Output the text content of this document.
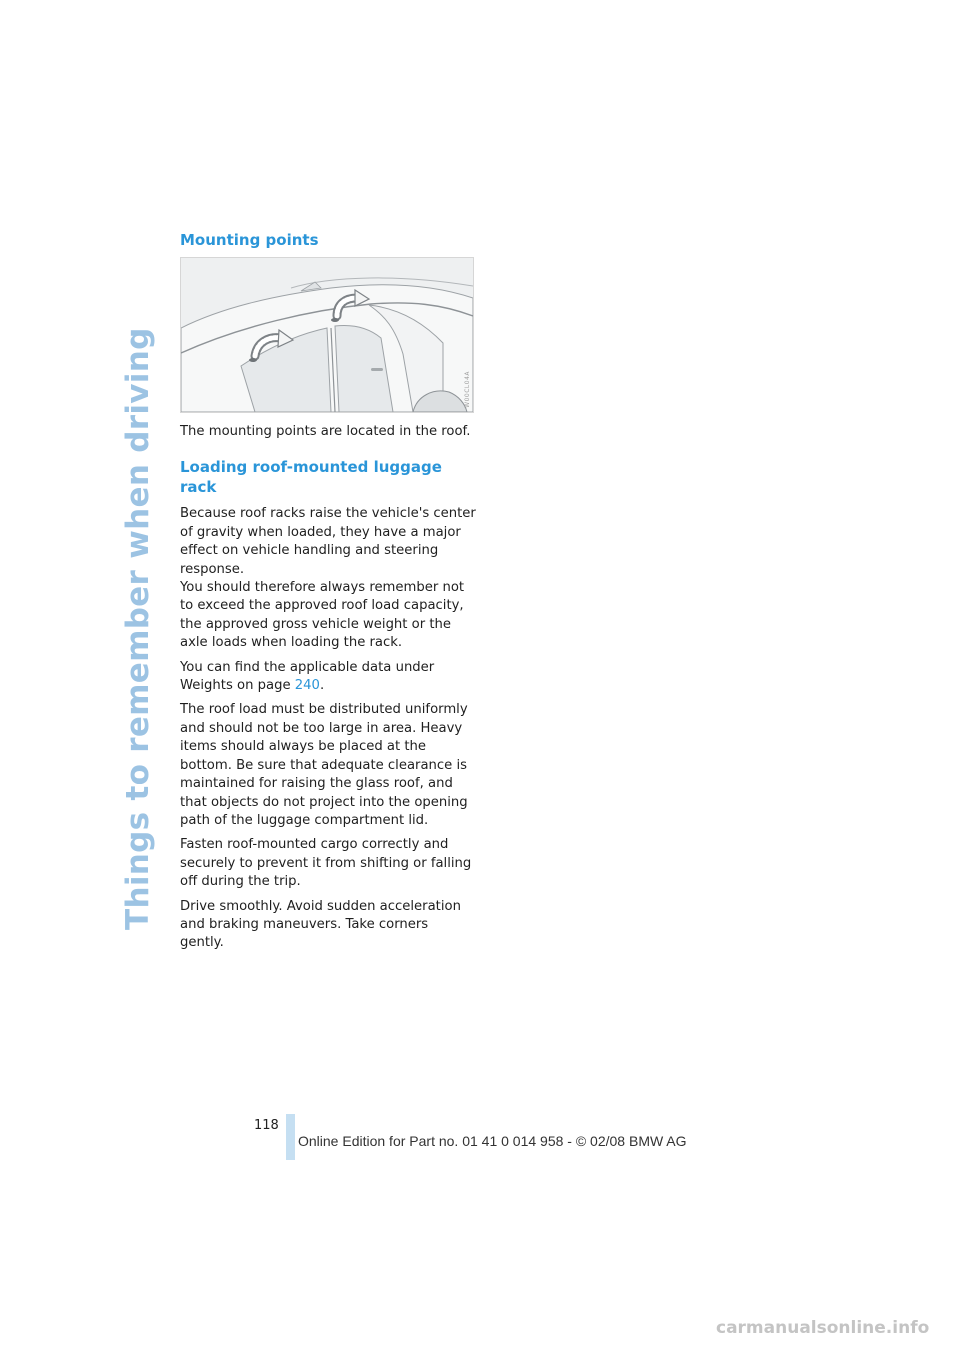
Things to remember when driving
Mounting points
W00CL04A

The mounting points are located in the roof.

Loading roof-mounted luggage rack

Because roof racks raise the vehicle's center of gravity when loaded, they have a major effect on vehicle handling and steering response.

You should therefore always remember not to exceed the approved roof load capacity, the approved gross vehicle weight or the axle loads when loading the rack.

You can find the applicable data under Weights on page 240.

The roof load must be distributed uniformly and should not be too large in area. Heavy items should always be placed at the bottom. Be sure that adequate clearance is maintained for raising the glass roof, and that objects do not project into the opening path of the luggage compartment lid.

Fasten roof-mounted cargo correctly and securely to prevent it from shifting or falling off during the trip.

Drive smoothly. Avoid sudden acceleration and braking maneuvers. Take corners gently.

118
Online Edition for Part no. 01 41 0 014 958 - © 02/08 BMW AG
carmanualsonline.info
